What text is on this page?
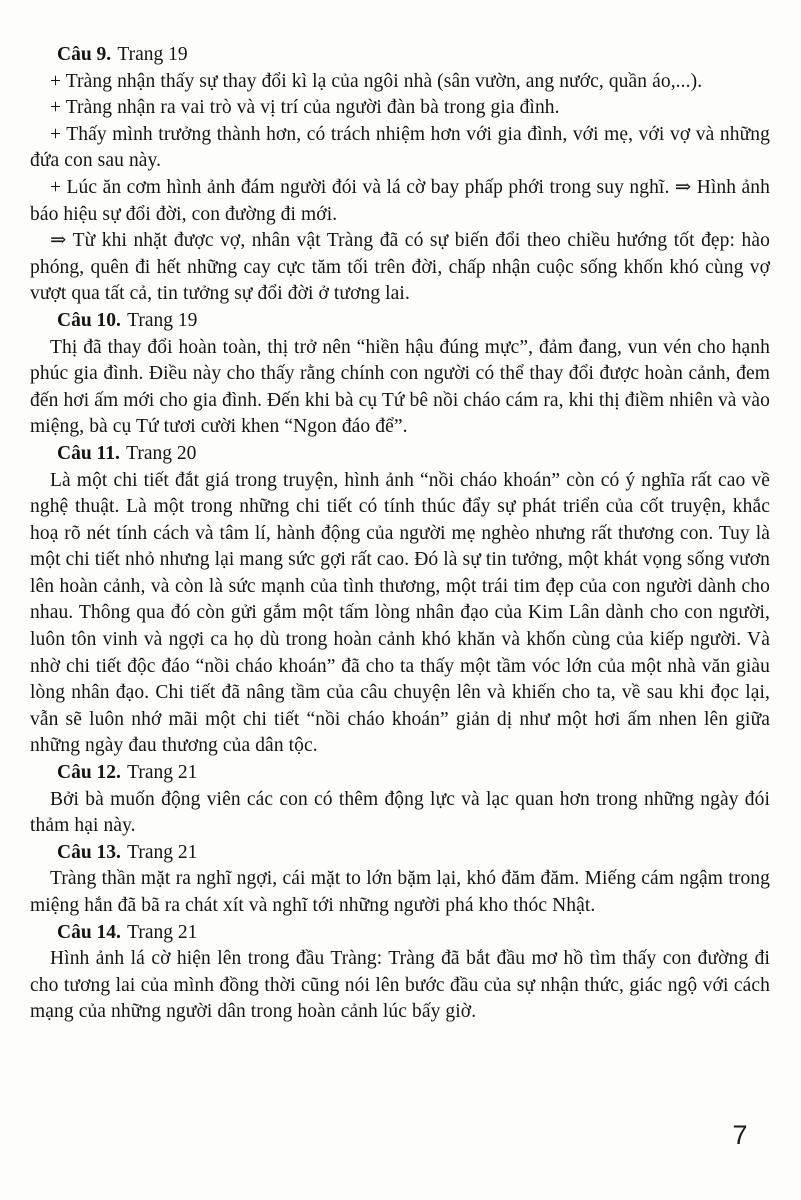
Câu 9. Trang 19

+ Tràng nhận thấy sự thay đổi kì lạ của ngôi nhà (sân vườn, ang nước, quần áo,...).

+ Tràng nhận ra vai trò và vị trí của người đàn bà trong gia đình.

+ Thấy mình trưởng thành hơn, có trách nhiệm hơn với gia đình, với mẹ, với vợ và những đứa con sau này.

+ Lúc ăn cơm hình ảnh đám người đói và lá cờ bay phấp phới trong suy nghĩ. ⇒ Hình ảnh báo hiệu sự đổi đời, con đường đi mới.

⇒ Từ khi nhặt được vợ, nhân vật Tràng đã có sự biến đổi theo chiều hướng tốt đẹp: hào phóng, quên đi hết những cay cực tăm tối trên đời, chấp nhận cuộc sống khốn khó cùng vợ vượt qua tất cả, tin tưởng sự đổi đời ở tương lai.

Câu 10. Trang 19

Thị đã thay đổi hoàn toàn, thị trở nên “hiền hậu đúng mực”, đảm đang, vun vén cho hạnh phúc gia đình. Điều này cho thấy rằng chính con người có thể thay đổi được hoàn cảnh, đem đến hơi ấm mới cho gia đình. Đến khi bà cụ Tứ bê nồi cháo cám ra, khi thị điềm nhiên và vào miệng, bà cụ Tứ tươi cười khen “Ngon đáo để”.

Câu 11. Trang 20

Là một chi tiết đắt giá trong truyện, hình ảnh “nồi cháo khoán” còn có ý nghĩa rất cao về nghệ thuật. Là một trong những chi tiết có tính thúc đẩy sự phát triển của cốt truyện, khắc hoạ rõ nét tính cách và tâm lí, hành động của người mẹ nghèo nhưng rất thương con. Tuy là một chi tiết nhỏ nhưng lại mang sức gợi rất cao. Đó là sự tin tưởng, một khát vọng sống vươn lên hoàn cảnh, và còn là sức mạnh của tình thương, một trái tim đẹp của con người dành cho nhau. Thông qua đó còn gửi gắm một tấm lòng nhân đạo của Kim Lân dành cho con người, luôn tôn vinh và ngợi ca họ dù trong hoàn cảnh khó khăn và khốn cùng của kiếp người. Và nhờ chi tiết độc đáo “nồi cháo khoán” đã cho ta thấy một tầm vóc lớn của một nhà văn giàu lòng nhân đạo. Chi tiết đã nâng tầm của câu chuyện lên và khiến cho ta, về sau khi đọc lại, vẫn sẽ luôn nhớ mãi một chi tiết “nồi cháo khoán” giản dị như một hơi ấm nhen lên giữa những ngày đau thương của dân tộc.

Câu 12. Trang 21

Bởi bà muốn động viên các con có thêm động lực và lạc quan hơn trong những ngày đói thảm hại này.

Câu 13. Trang 21

Tràng thần mặt ra nghĩ ngợi, cái mặt to lớn bặm lại, khó đăm đăm. Miếng cám ngậm trong miệng hắn đã bã ra chát xít và nghĩ tới những người phá kho thóc Nhật.

Câu 14. Trang 21

Hình ảnh lá cờ hiện lên trong đầu Tràng: Tràng đã bắt đầu mơ hồ tìm thấy con đường đi cho tương lai của mình đồng thời cũng nói lên bước đầu của sự nhận thức, giác ngộ với cách mạng của những người dân trong hoàn cảnh lúc bấy giờ.

7
